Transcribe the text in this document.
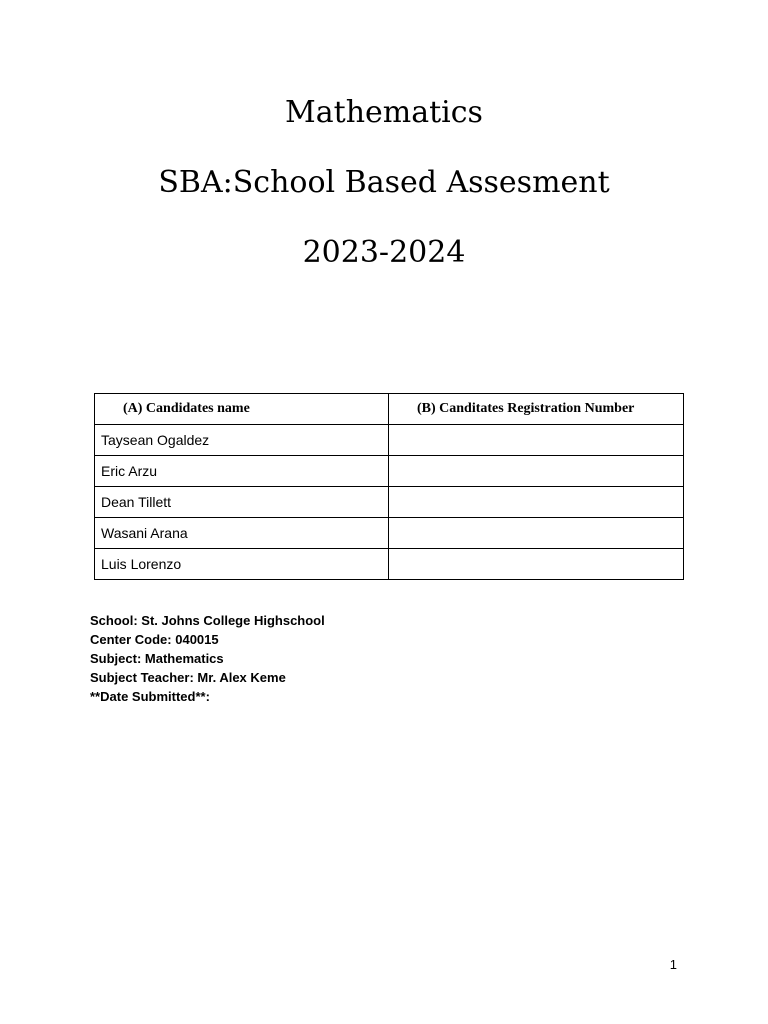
Mathematics
SBA:School Based Assesment
2023-2024
(A) Candidates name	(B) Canditates Registration Number
Taysean Ogaldez	
Eric Arzu	
Dean Tillett	
Wasani Arana	
Luis Lorenzo	
School: St. Johns College Highschool
Center Code: 040015
Subject: Mathematics
Subject Teacher: Mr. Alex Keme
**Date Submitted**:
1
